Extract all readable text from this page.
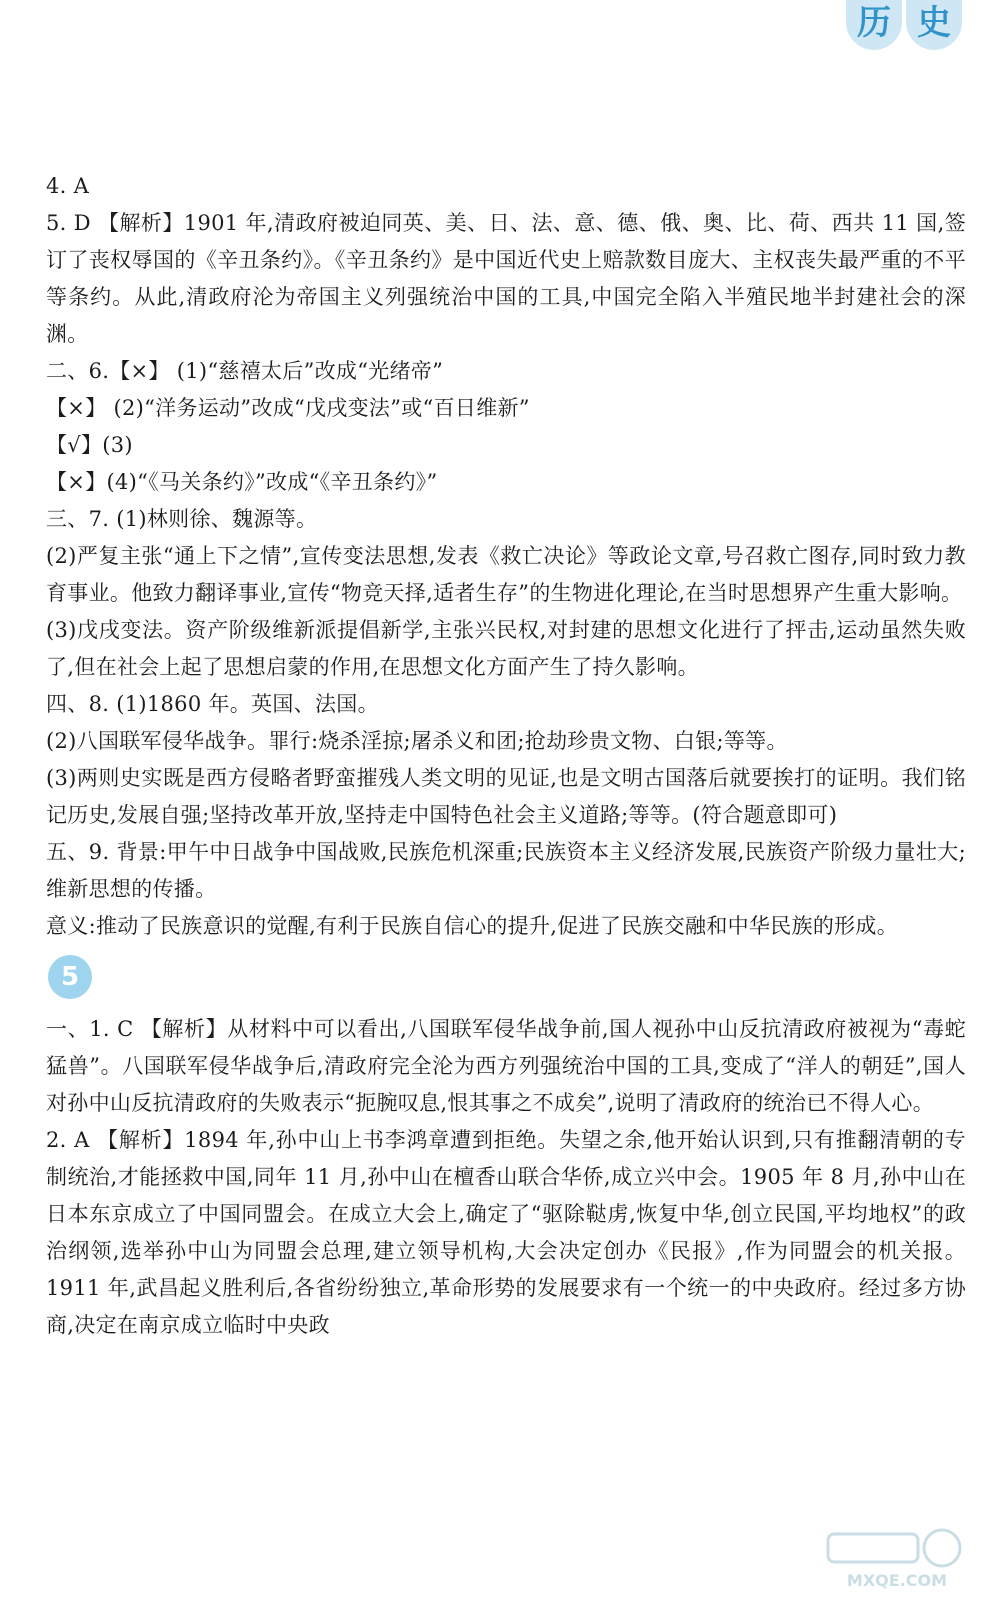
历 史

4. A

5. D 【解析】1901 年,清政府被迫同英、美、日、法、意、德、俄、奥、比、荷、西共 11 国,签订了丧权辱国的《辛丑条约》。《辛丑条约》是中国近代史上赔款数目庞大、主权丧失最严重的不平等条约。从此,清政府沦为帝国主义列强统治中国的工具,中国完全陷入半殖民地半封建社会的深渊。

二、6.【×】 (1)“慈禧太后”改成“光绪帝”

【×】 (2)“洋务运动”改成“戊戌变法”或“百日维新”

【√】(3)

【×】(4)“《马关条约》”改成“《辛丑条约》”

三、7. (1)林则徐、魏源等。

(2)严复主张“通上下之情”,宣传变法思想,发表《救亡决论》等政论文章,号召救亡图存,同时致力教育事业。他致力翻译事业,宣传“物竞天择,适者生存”的生物进化理论,在当时思想界产生重大影响。

(3)戊戌变法。资产阶级维新派提倡新学,主张兴民权,对封建的思想文化进行了抨击,运动虽然失败了,但在社会上起了思想启蒙的作用,在思想文化方面产生了持久影响。

四、8. (1)1860 年。英国、法国。

(2)八国联军侵华战争。罪行:烧杀淫掠;屠杀义和团;抢劫珍贵文物、白银;等等。

(3)两则史实既是西方侵略者野蛮摧残人类文明的见证,也是文明古国落后就要挨打的证明。我们铭记历史,发展自强;坚持改革开放,坚持走中国特色社会主义道路;等等。(符合题意即可)

五、9. 背景:甲午中日战争中国战败,民族危机深重;民族资本主义经济发展,民族资产阶级力量壮大;维新思想的传播。

意义:推动了民族意识的觉醒,有利于民族自信心的提升,促进了民族交融和中华民族的形成。

5

一、1. C 【解析】从材料中可以看出,八国联军侵华战争前,国人视孙中山反抗清政府被视为“毒蛇猛兽”。八国联军侵华战争后,清政府完全沦为西方列强统治中国的工具,变成了“洋人的朝廷”,国人对孙中山反抗清政府的失败表示“扼腕叹息,恨其事之不成矣”,说明了清政府的统治已不得人心。

2. A 【解析】1894 年,孙中山上书李鸿章遭到拒绝。失望之余,他开始认识到,只有推翻清朝的专制统治,才能拯救中国,同年 11 月,孙中山在檀香山联合华侨,成立兴中会。1905 年 8 月,孙中山在日本东京成立了中国同盟会。在成立大会上,确定了“驱除鞑虏,恢复中华,创立民国,平均地权”的政治纲领,选举孙中山为同盟会总理,建立领导机构,大会决定创办《民报》,作为同盟会的机关报。1911 年,武昌起义胜利后,各省纷纷独立,革命形势的发展要求有一个统一的中央政府。经过多方协商,决定在南京成立临时中央政

MXQE.COM
